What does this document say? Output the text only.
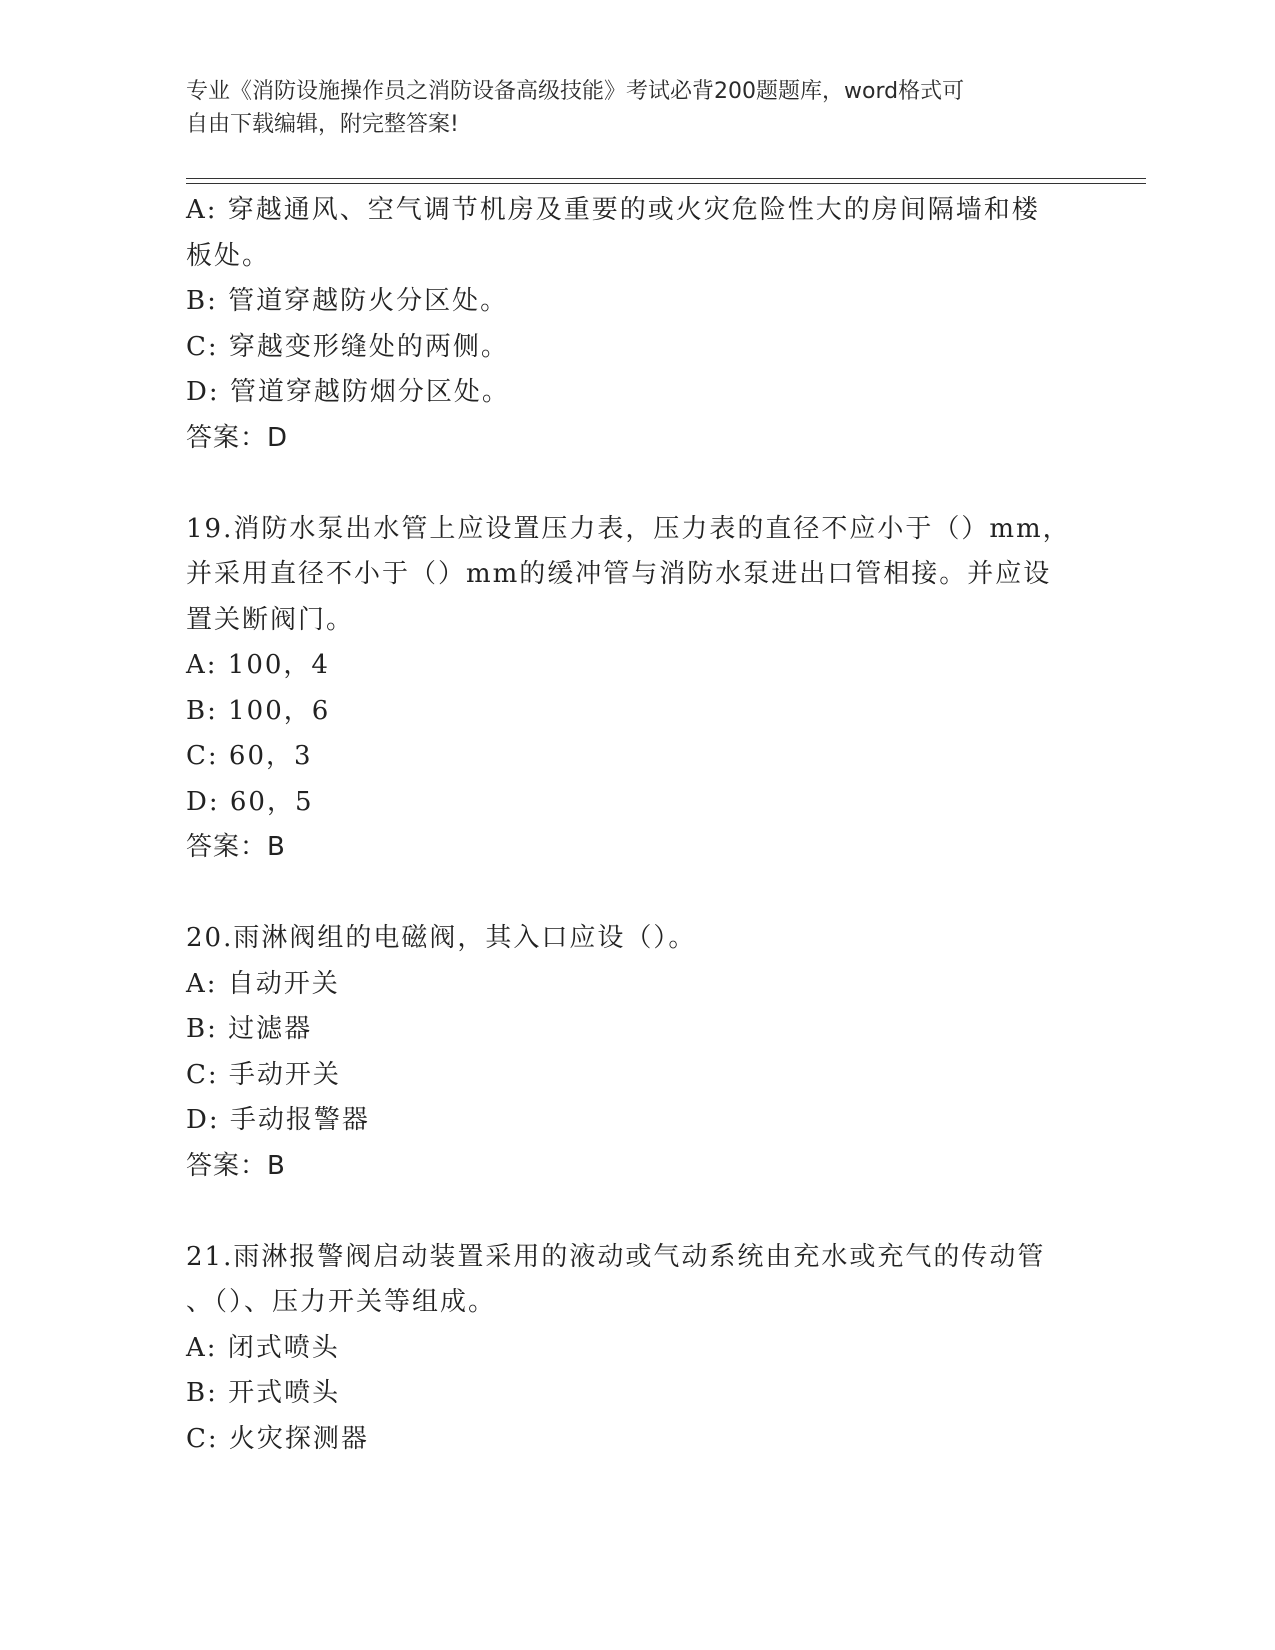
专业《消防设施操作员之消防设备高级技能》考试必背200题题库，word格式可
自由下载编辑，附完整答案!
A: 穿越通风、空气调节机房及重要的或火灾危险性大的房间隔墙和楼
板处。
B: 管道穿越防火分区处。
C: 穿越变形缝处的两侧。
D: 管道穿越防烟分区处。
答案：D
19.消防水泵出水管上应设置压力表，压力表的直径不应小于（）mm，
并采用直径不小于（）mm的缓冲管与消防水泵进出口管相接。并应设
置关断阀门。
A: 100，4
B: 100，6
C: 60，3
D: 60，5
答案：B
20.雨淋阀组的电磁阀，其入口应设（）。
A: 自动开关
B: 过滤器
C: 手动开关
D: 手动报警器
答案：B
21.雨淋报警阀启动装置采用的液动或气动系统由充水或充气的传动管
、（）、压力开关等组成。
A: 闭式喷头
B: 开式喷头
C: 火灾探测器
